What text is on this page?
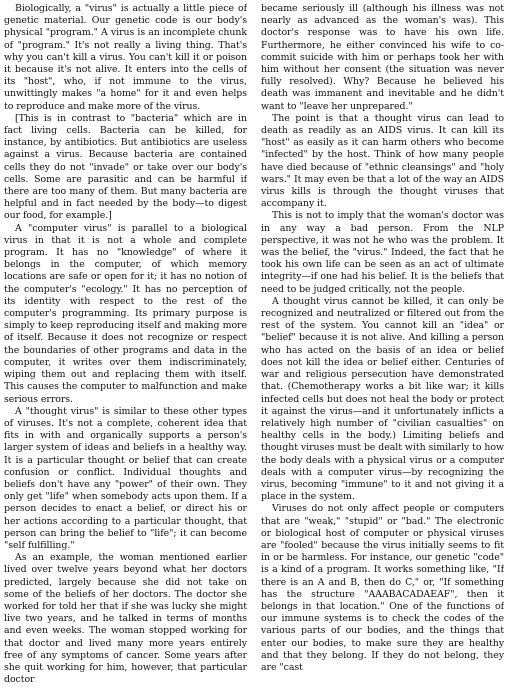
Biologically, a "virus" is actually a little piece of genetic material. Our genetic code is our body's physical "program." A virus is an incomplete chunk of "program." It's not really a living thing. That's why you can't kill a virus. You can't kill it or poison it because it's not alive. It enters into the cells of its "host", who, if not immune to the virus, unwittingly makes "a home" for it and even helps to reproduce and make more of the virus.

[This is in contrast to "bacteria" which are in fact living cells. Bacteria can be killed, for instance, by antibiotics. But antibiotics are useless against a virus. Because bacteria are contained cells they do not "invade" or take over our body's cells. Some are parasitic and can be harmful if there are too many of them. But many bacteria are helpful and in fact needed by the body—to digest our food, for example.]

A "computer virus" is parallel to a biological virus in that it is not a whole and complete program. It has no "knowledge" of where it belongs in the computer, of which memory locations are safe or open for it; it has no notion of the computer's "ecology." It has no perception of its identity with respect to the rest of the computer's programming. Its primary purpose is simply to keep reproducing itself and making more of itself. Because it does not recognize or respect the boundaries of other programs and data in the computer, it writes over them indiscriminately, wiping them out and replacing them with itself. This causes the computer to malfunction and make serious errors.

A "thought virus" is similar to these other types of viruses. It's not a complete, coherent idea that fits in with and organically supports a person's larger system of ideas and beliefs in a healthy way. It is a particular thought or belief that can create confusion or conflict. Individual thoughts and beliefs don't have any "power" of their own. They only get "life" when somebody acts upon them. If a person decides to enact a belief, or direct his or her actions according to a particular thought, that person can bring the belief to "life"; it can become "self fulfilling."

As an example, the woman mentioned earlier lived over twelve years beyond what her doctors predicted, largely because she did not take on some of the beliefs of her doctors. The doctor she worked for told her that if she was lucky she might live two years, and he talked in terms of months and even weeks. The woman stopped working for that doctor and lived many more years entirely free of any symptoms of cancer. Some years after she quit working for him, however, that particular doctor

became seriously ill (although his illness was not nearly as advanced as the woman's was). This doctor's response was to have his own life. Furthermore, he either convinced his wife to co-commit suicide with him or perhaps took her with him without her consent (the situation was never fully resolved). Why? Because he believed his death was immanent and inevitable and he didn't want to "leave her unprepared."

The point is that a thought virus can lead to death as readily as an AIDS virus. It can kill its "host" as easily as it can harm others who become "infected" by the host. Think of how many people have died because of "ethnic cleansings" and "holy wars." It may even be that a lot of the way an AIDS virus kills is through the thought viruses that accompany it.

This is not to imply that the woman's doctor was in any way a bad person. From the NLP perspective, it was not he who was the problem. It was the belief, the "virus." Indeed, the fact that he took his own life can be seen as an act of ultimate integrity—if one had his belief. It is the beliefs that need to be judged critically, not the people.

A thought virus cannot be killed, it can only be recognized and neutralized or filtered out from the rest of the system. You cannot kill an "idea" or "belief" because it is not alive. And killing a person who has acted on the basis of an idea or belief does not kill the idea or belief either. Centuries of war and religious persecution have demonstrated that. (Chemotherapy works a bit like war; it kills infected cells but does not heal the body or protect it against the virus—and it unfortunately inflicts a relatively high number of "civilian casualties" on healthy cells in the body.) Limiting beliefs and thought viruses must be dealt with similarly to how the body deals with a physical virus or a computer deals with a computer virus—by recognizing the virus, becoming "immune" to it and not giving it a place in the system.

Viruses do not only affect people or computers that are "weak," "stupid" or "bad." The electronic or biological host of computer or physical viruses are "fooled" because the virus initially seems to fit in or be harmless. For instance, our genetic "code" is a kind of a program. It works something like, "If there is an A and B, then do C," or, "If something has the structure "AAABACADAEAF", then it belongs in that location." One of the functions of our immune systems is to check the codes of the various parts of our bodies, and the things that enter our bodies, to make sure they are healthy and that they belong. If they do not belong, they are "cast
